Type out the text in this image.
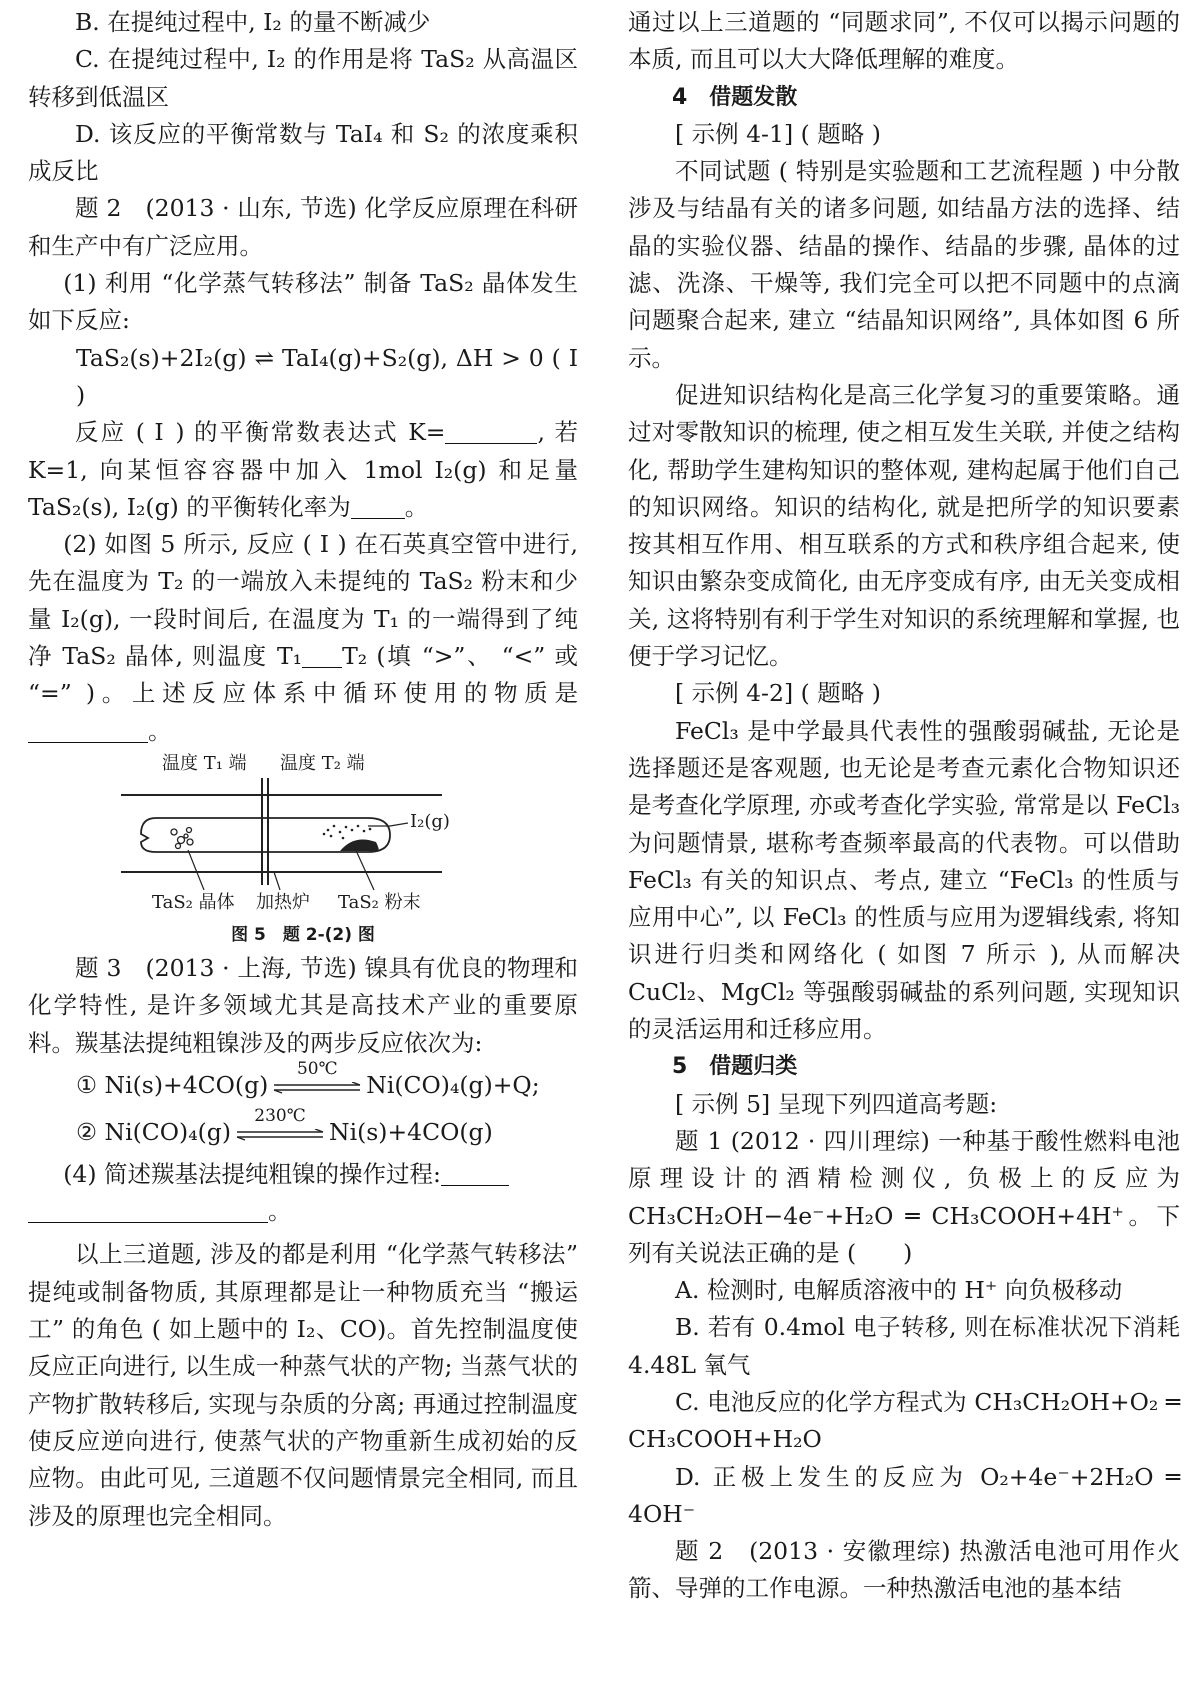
B. 在提纯过程中, I₂ 的量不断减少

C. 在提纯过程中, I₂ 的作用是将 TaS₂ 从高温区转移到低温区

D. 该反应的平衡常数与 TaI₄ 和 S₂ 的浓度乘积成反比

题 2　(2013 · 山东, 节选) 化学反应原理在科研和生产中有广泛应用。

(1) 利用 “化学蒸气转移法” 制备 TaS₂ 晶体发生如下反应:

TaS₂(s)+2I₂(g) ⇌ TaI₄(g)+S₂(g), ΔH > 0 ( Ⅰ )

反应 ( Ⅰ ) 的平衡常数表达式 K=	, 若 K=1, 向某恒容容器中加入 1mol I₂(g) 和足量 TaS₂(s), I₂(g) 的平衡转化率为 。

(2) 如图 5 所示, 反应 ( Ⅰ ) 在石英真空管中进行, 先在温度为 T₂ 的一端放入未提纯的 TaS₂ 粉末和少量 I₂(g), 一段时间后, 在温度为 T₁ 的一端得到了纯净 TaS₂ 晶体, 则温度 T₁ T₂ (填 “>”、 “<” 或 “=” )。上述反应体系中循环使用的物质是。

温度 T₁ 端 温度 T₂ 端
I₂(g)
TaS₂ 晶体 加热炉 TaS₂ 粉末
图 5　题 2-(2) 图

题 3　(2013 · 上海, 节选) 镍具有优良的物理和化学特性, 是许多领域尤其是高技术产业的重要原料。羰基法提纯粗镍涉及的两步反应依次为:

① Ni(s)+4CO(g)
50℃
Ni(CO)₄(g)+Q;
② Ni(CO)₄(g)
230℃
Ni(s)+4CO(g)

(4) 简述羰基法提纯粗镍的操作过程:

。

以上三道题, 涉及的都是利用 “化学蒸气转移法” 提纯或制备物质, 其原理都是让一种物质充当 “搬运工” 的角色 ( 如上题中的 I₂、CO)。首先控制温度使反应正向进行, 以生成一种蒸气状的产物; 当蒸气状的产物扩散转移后, 实现与杂质的分离; 再通过控制温度使反应逆向进行, 使蒸气状的产物重新生成初始的反应物。由此可见, 三道题不仅问题情景完全相同, 而且涉及的原理也完全相同。

通过以上三道题的 “同题求同”, 不仅可以揭示问题的本质, 而且可以大大降低理解的难度。

4　借题发散

[ 示例 4-1] ( 题略 )

不同试题 ( 特别是实验题和工艺流程题 ) 中分散涉及与结晶有关的诸多问题, 如结晶方法的选择、结晶的实验仪器、结晶的操作、结晶的步骤, 晶体的过滤、洗涤、干燥等, 我们完全可以把不同题中的点滴问题聚合起来, 建立 “结晶知识网络”, 具体如图 6 所示。

促进知识结构化是高三化学复习的重要策略。通过对零散知识的梳理, 使之相互发生关联, 并使之结构化, 帮助学生建构知识的整体观, 建构起属于他们自己的知识网络。知识的结构化, 就是把所学的知识要素按其相互作用、相互联系的方式和秩序组合起来, 使知识由繁杂变成简化, 由无序变成有序, 由无关变成相关, 这将特别有利于学生对知识的系统理解和掌握, 也便于学习记忆。

[ 示例 4-2] ( 题略 )

FeCl₃ 是中学最具代表性的强酸弱碱盐, 无论是选择题还是客观题, 也无论是考查元素化合物知识还是考查化学原理, 亦或考查化学实验, 常常是以 FeCl₃ 为问题情景, 堪称考查频率最高的代表物。可以借助 FeCl₃ 有关的知识点、考点, 建立 “FeCl₃ 的性质与应用中心”, 以 FeCl₃ 的性质与应用为逻辑线索, 将知识进行归类和网络化 ( 如图 7 所示 ), 从而解决 CuCl₂、MgCl₂ 等强酸弱碱盐的系列问题, 实现知识的灵活运用和迁移应用。

5　借题归类

[ 示例 5] 呈现下列四道高考题:

题 1 (2012 · 四川理综) 一种基于酸性燃料电池原理设计的酒精检测仪, 负极上的反应为 CH₃CH₂OH−4e⁻+H₂O ═ CH₃COOH+4H⁺。下列有关说法正确的是 (　　)

A. 检测时, 电解质溶液中的 H⁺ 向负极移动

B. 若有 0.4mol 电子转移, 则在标准状况下消耗 4.48L 氧气

C. 电池反应的化学方程式为 CH₃CH₂OH+O₂ ═ CH₃COOH+H₂O

D. 正极上发生的反应为 O₂+4e⁻+2H₂O ═ 4OH⁻

题 2　(2013 · 安徽理综) 热激活电池可用作火箭、导弹的工作电源。一种热激活电池的基本结
